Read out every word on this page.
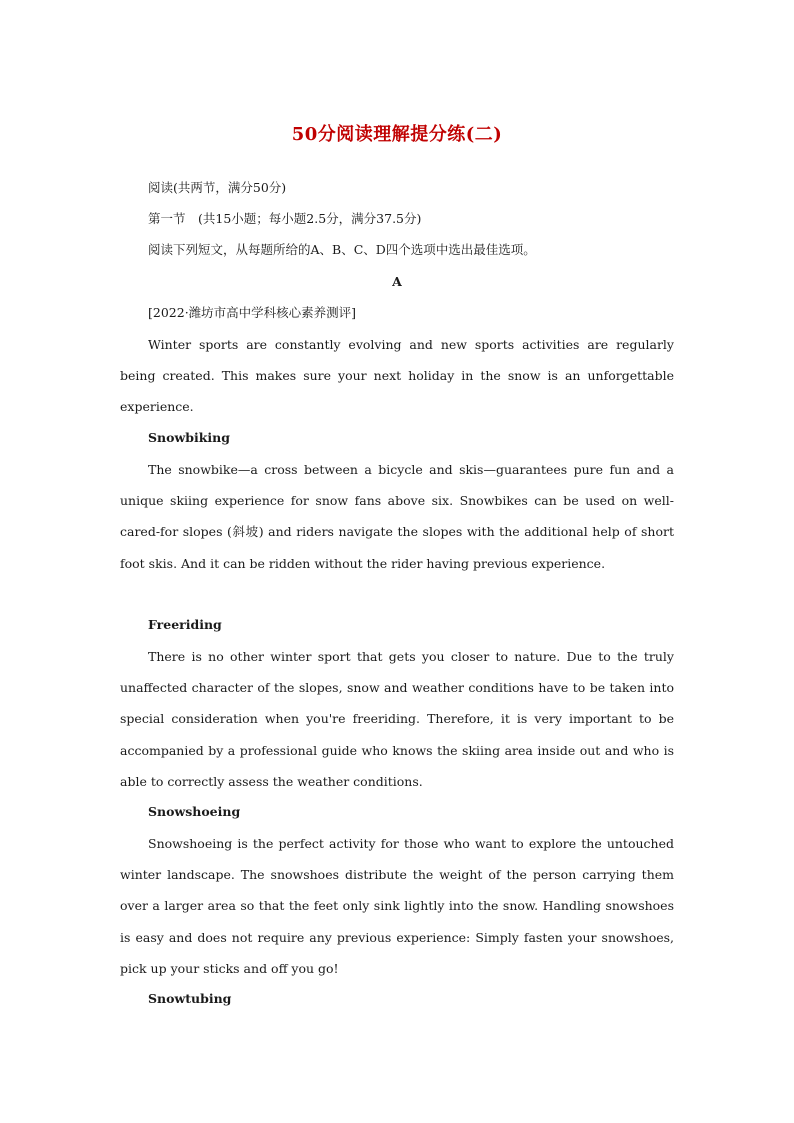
50分阅读理解提分练(二)
阅读(共两节，满分50分)
第一节　(共15小题；每小题2.5分，满分37.5分)
阅读下列短文，从每题所给的A、B、C、D四个选项中选出最佳选项。
A
[2022·潍坊市高中学科核心素养测评]

Winter sports are constantly evolving and new sports activities are regularly being created. This makes sure your next holiday in the snow is an unforgettable experience.

Snowbiking

The snowbike—a cross between a bicycle and skis—guarantees pure fun and a unique skiing experience for snow fans above six. Snowbikes can be used on well-cared-for slopes (斜坡) and riders navigate the slopes with the additional help of short foot skis. And it can be ridden without the rider having previous experience.

Freeriding

There is no other winter sport that gets you closer to nature. Due to the truly unaffected character of the slopes, snow and weather conditions have to be taken into special consideration when you're freeriding. Therefore, it is very important to be accompanied by a professional guide who knows the skiing area inside out and who is able to correctly assess the weather conditions.

Snowshoeing

Snowshoeing is the perfect activity for those who want to explore the untouched winter landscape. The snowshoes distribute the weight of the person carrying them over a larger area so that the feet only sink lightly into the snow. Handling snowshoes is easy and does not require any previous experience: Simply fasten your snowshoes, pick up your sticks and off you go!

Snowtubing
